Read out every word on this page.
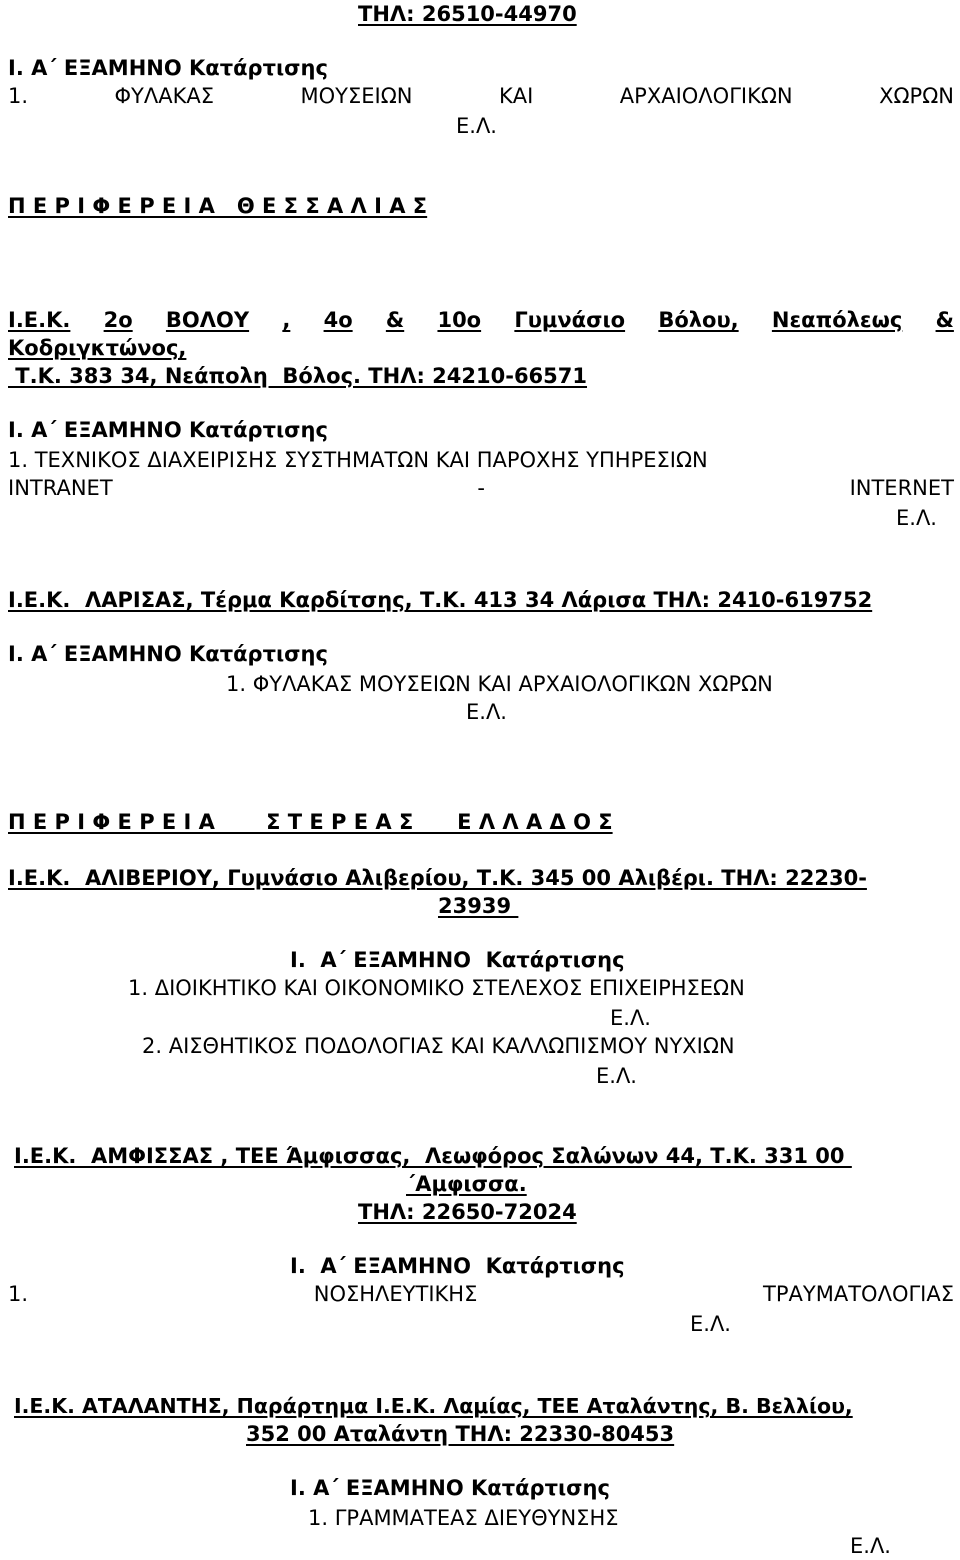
ΤΗΛ: 26510-44970
Ι. Α΄ ΕΞΑΜΗΝΟ Κατάρτισης
1.	ΦΥΛΑΚΑΣ	ΜΟΥΣΕΙΩΝ	ΚΑΙ	ΑΡΧΑΙΟΛΟΓΙΚΩΝ	ΧΩΡΩΝ
Ε.Λ.
Π Ε Ρ Ι Φ Ε Ρ Ε Ι Α   Θ Ε Σ Σ Α Λ Ι Α Σ
Ι.Ε.Κ. 2ο ΒΟΛΟΥ , 4ο & 10ο Γυμνάσιο Βόλου, Νεαπόλεως &
Κοδριγκτώνος,
Τ.Κ. 383 34, Νεάπολη  Βόλος. ΤΗΛ: 24210-66571
Ι. Α΄ ΕΞΑΜΗΝΟ Κατάρτισης
1. ΤΕΧΝΙΚΟΣ ΔΙΑΧΕΙΡΙΣΗΣ ΣΥΣΤΗΜΑΤΩΝ ΚΑΙ ΠΑΡΟΧΗΣ ΥΠΗΡΕΣΙΩΝ
INTRANET	-	INTERNET
Ε.Λ.
Ι.Ε.Κ.  ΛΑΡΙΣΑΣ, Τέρμα Καρδίτσης, Τ.Κ. 413 34 Λάρισα ΤΗΛ: 2410-619752
Ι. Α΄ ΕΞΑΜΗΝΟ Κατάρτισης
1. ΦΥΛΑΚΑΣ ΜΟΥΣΕΙΩΝ ΚΑΙ ΑΡΧΑΙΟΛΟΓΙΚΩΝ ΧΩΡΩΝ
Ε.Λ.
Π Ε Ρ Ι Φ Ε Ρ Ε Ι Α       Σ Τ Ε Ρ Ε Α Σ      Ε Λ Λ Α Δ Ο Σ
Ι.Ε.Κ.  ΑΛΙΒΕΡΙΟΥ, Γυμνάσιο Αλιβερίου, Τ.Κ. 345 00 Αλιβέρι. ΤΗΛ: 22230-
23939
Ι.  Α΄ ΕΞΑΜΗΝΟ  Κατάρτισης
1. ΔΙΟΙΚΗΤΙΚΟ ΚΑΙ ΟΙΚΟΝΟΜΙΚΟ ΣΤΕΛΕΧΟΣ ΕΠΙΧΕΙΡΗΣΕΩΝ
Ε.Λ.
2. ΑΙΣΘΗΤΙΚΟΣ ΠΟΔΟΛΟΓΙΑΣ ΚΑΙ ΚΑΛΛΩΠΙΣΜΟΥ ΝΥΧΙΩΝ
Ε.Λ.
Ι.Ε.Κ.  ΑΜΦΙΣΣΑΣ , ΤΕΕ Άμφισσας,  Λεωφόρος Σαλώνων 44, Τ.Κ. 331 00
΄Αμφισσα.
ΤΗΛ: 22650-72024
Ι.  Α΄ ΕΞΑΜΗΝΟ  Κατάρτισης
1.	ΝΟΣΗΛΕΥΤΙΚΗΣ	ΤΡΑΥΜΑΤΟΛΟΓΙΑΣ
Ε.Λ.
Ι.Ε.Κ. ΑΤΑΛΑΝΤΗΣ, Παράρτημα Ι.Ε.Κ. Λαμίας, ΤΕΕ Αταλάντης, Β. Βελλίου,
352 00 Αταλάντη ΤΗΛ: 22330-80453
Ι. Α΄ ΕΞΑΜΗΝΟ Κατάρτισης
1. ΓΡΑΜΜΑΤΕΑΣ ΔΙΕΥΘΥΝΣΗΣ
Ε.Λ.
